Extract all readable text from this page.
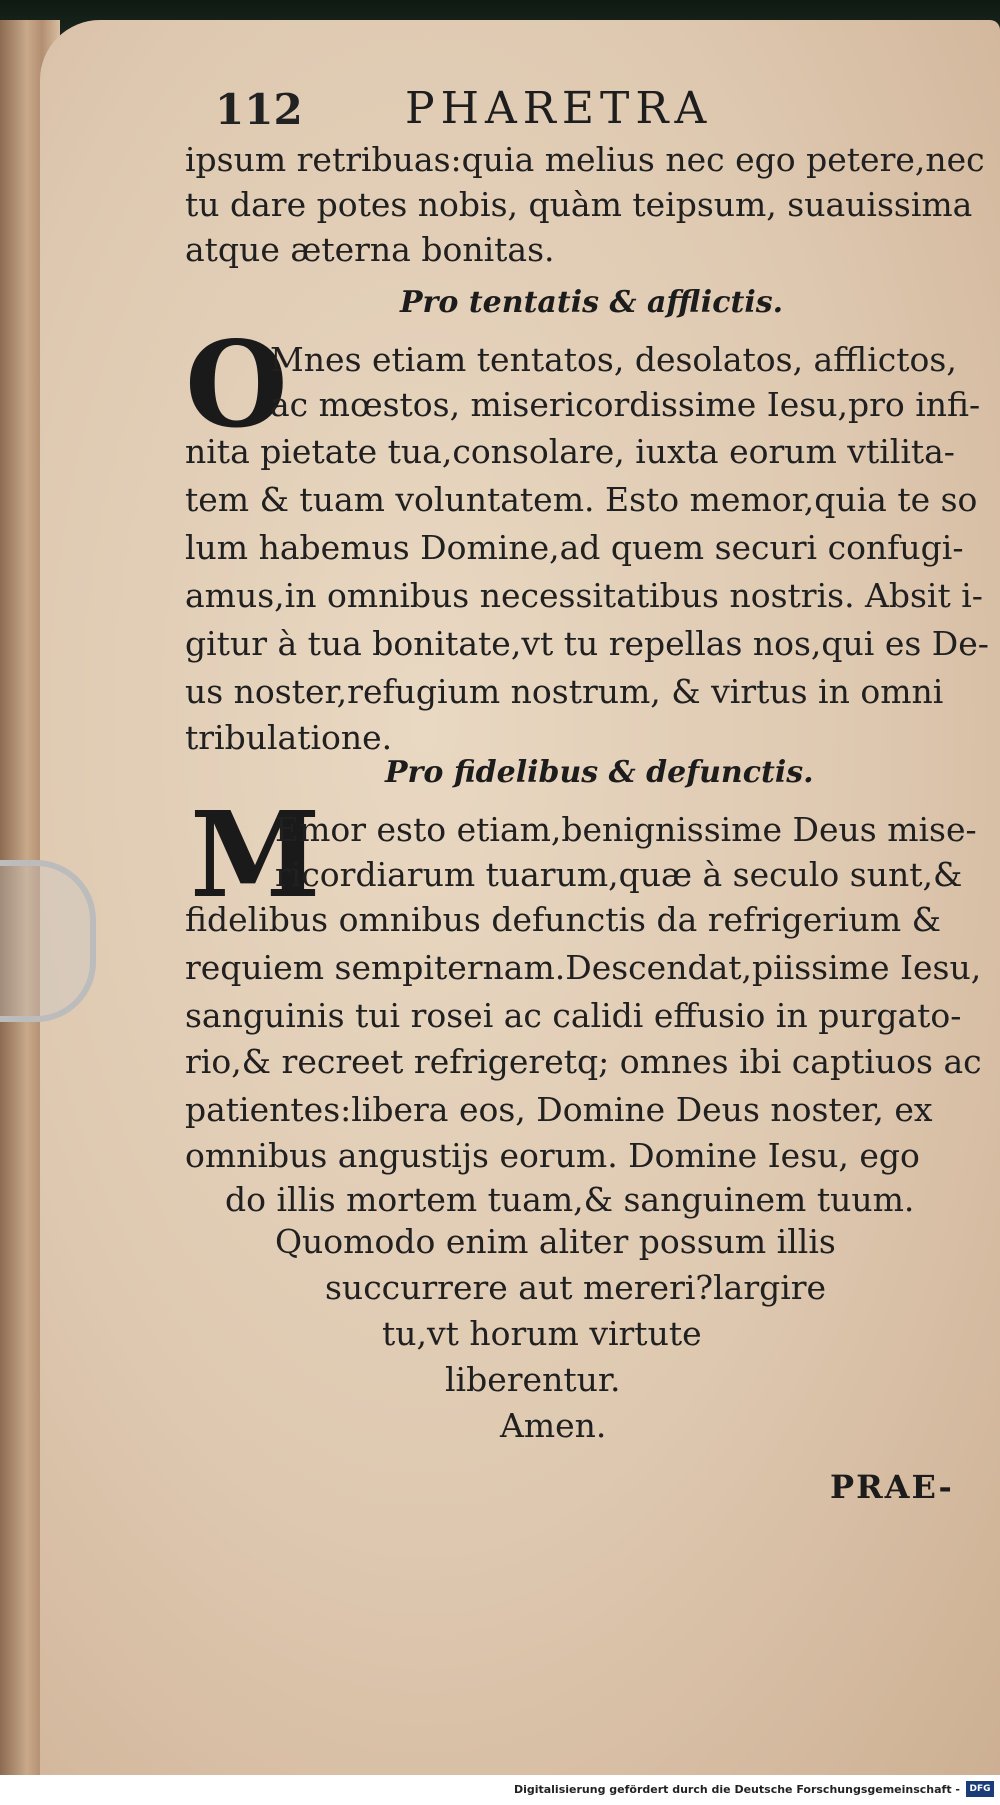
112 PHARETRA
ipsum retribuas:quia melius nec ego petere,nec
tu dare potes nobis, quàm teipsum, suauissima
atque æterna bonitas.
Pro tentatis & afflictis.
O
Mnes etiam tentatos, desolatos, afflictos,
ac mœstos, misericordissime Iesu,pro infi-
nita pietate tua,consolare, iuxta eorum vtilita-
tem & tuam voluntatem. Esto memor,quia te so
lum habemus Domine,ad quem securi confugi-
amus,in omnibus necessitatibus nostris. Absit i-
gitur à tua bonitate,vt tu repellas nos,qui es De-
us noster,refugium nostrum, & virtus in omni
tribulatione.
Pro fidelibus & defunctis.
M
Emor esto etiam,benignissime Deus mise-
ricordiarum tuarum,quæ à seculo sunt,&
fidelibus omnibus defunctis da refrigerium &
requiem sempiternam.Descendat,piissime Iesu,
sanguinis tui rosei ac calidi effusio in purgato-
rio,& recreet refrigeretq; omnes ibi captiuos ac
patientes:libera eos, Domine Deus noster, ex
omnibus angustijs eorum. Domine Iesu, ego
do illis mortem tuam,& sanguinem tuum.
Quomodo enim aliter possum illis
succurrere aut mereri?largire
tu,vt horum virtute
liberentur.
Amen.
PRAE-
Digitalisierung gefördert durch die Deutsche Forschungsgemeinschaft -	DFG
